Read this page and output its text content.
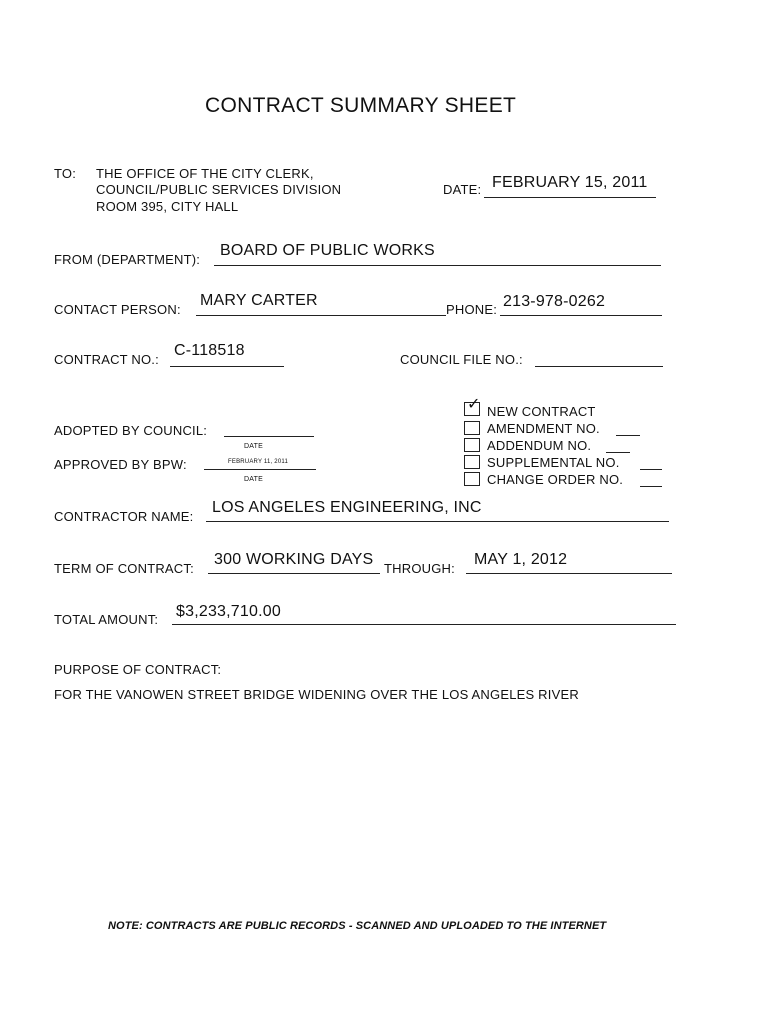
CONTRACT SUMMARY SHEET
TO: THE OFFICE OF THE CITY CLERK,
COUNCIL/PUBLIC SERVICES DIVISION
ROOM 395, CITY HALL
DATE: FEBRUARY 15, 2011
FROM (DEPARTMENT):
BOARD OF PUBLIC WORKS
CONTACT PERSON:
MARY CARTER
PHONE: 213-978-0262
CONTRACT NO.:
C-118518
COUNCIL FILE NO.:
ADOPTED BY COUNCIL:
DATE
APPROVED BY BPW:	FEBRUARY 11, 2011
DATE
✓ NEW CONTRACT
AMENDMENT NO.
ADDENDUM NO.
SUPPLEMENTAL NO.
CHANGE ORDER NO.
CONTRACTOR NAME:
LOS ANGELES ENGINEERING, INC
TERM OF CONTRACT:
300 WORKING DAYS
THROUGH:
MAY 1, 2012
TOTAL AMOUNT: $3,233,710.00
PURPOSE OF CONTRACT:
FOR THE VANOWEN STREET BRIDGE WIDENING OVER THE LOS ANGELES RIVER
NOTE: CONTRACTS ARE PUBLIC RECORDS - SCANNED AND UPLOADED TO THE INTERNET
